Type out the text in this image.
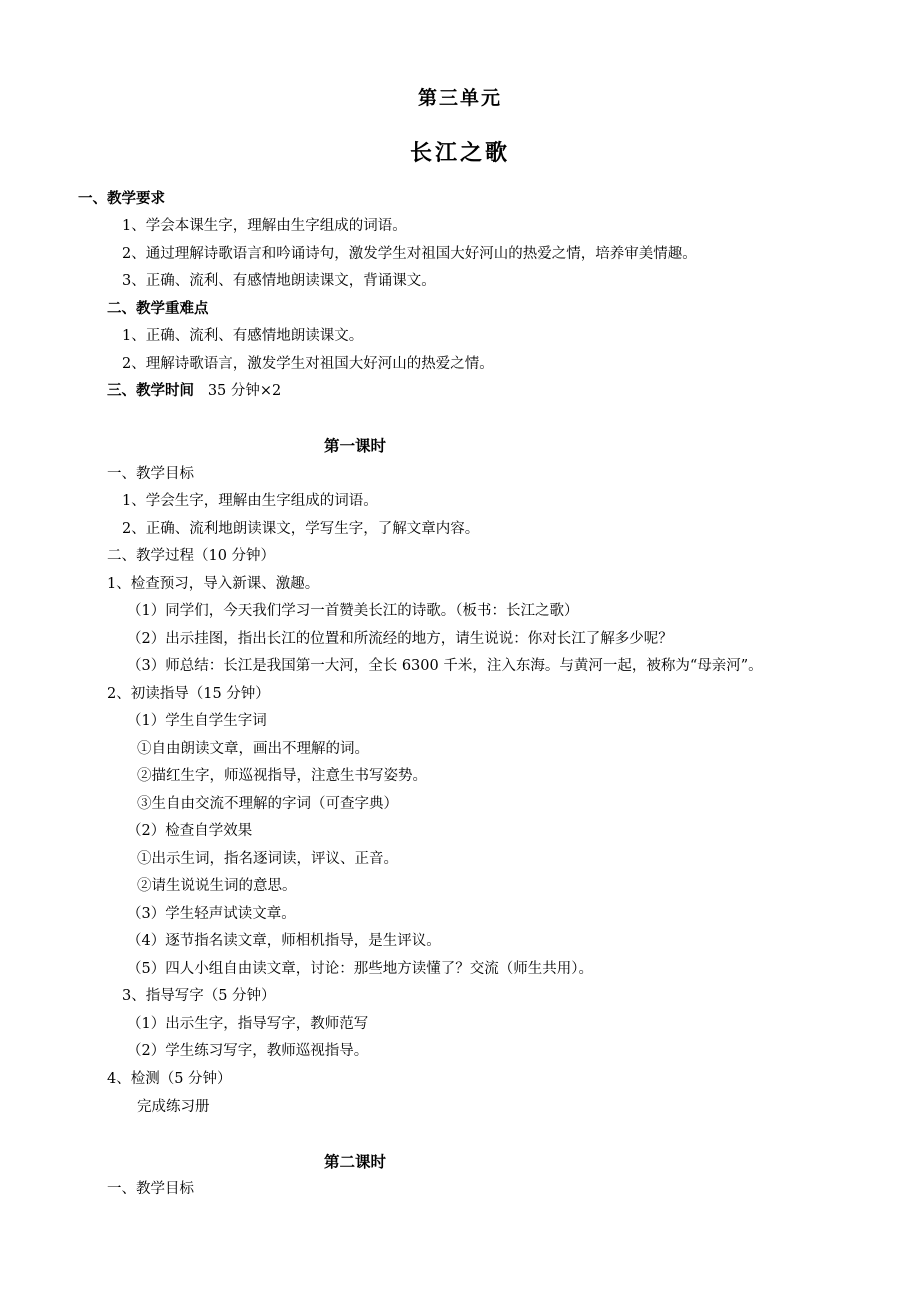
第三单元
长江之歌
一、教学要求
1、学会本课生字，理解由生字组成的词语。
2、通过理解诗歌语言和吟诵诗句，激发学生对祖国大好河山的热爱之情，培养审美情趣。
3、正确、流利、有感情地朗读课文，背诵课文。
二、教学重难点
1、正确、流利、有感情地朗读课文。
2、理解诗歌语言，激发学生对祖国大好河山的热爱之情。
三、教学时间 35 分钟×2
第一课时
一、教学目标
1、学会生字，理解由生字组成的词语。
2、正确、流利地朗读课文，学写生字，了解文章内容。
二、教学过程（10 分钟）
1、检查预习，导入新课、激趣。
（1）同学们，今天我们学习一首赞美长江的诗歌。（板书：长江之歌）
（2）出示挂图，指出长江的位置和所流经的地方，请生说说：你对长江了解多少呢？
（3）师总结：长江是我国第一大河，全长 6300 千米，注入东海。与黄河一起，被称为“母亲河”。
2、初读指导（15 分钟）
（1）学生自学生字词
①自由朗读文章，画出不理解的词。
②描红生字，师巡视指导，注意生书写姿势。
③生自由交流不理解的字词（可查字典）
（2）检查自学效果
①出示生词，指名逐词读，评议、正音。
②请生说说生词的意思。
（3）学生轻声试读文章。
（4）逐节指名读文章，师相机指导，是生评议。
（5）四人小组自由读文章，讨论：那些地方读懂了？交流（师生共用）。
3、指导写字（5 分钟）
（1）出示生字，指导写字，教师范写
（2）学生练习写字，教师巡视指导。
4、检测（5 分钟）
完成练习册
第二课时
一、教学目标
